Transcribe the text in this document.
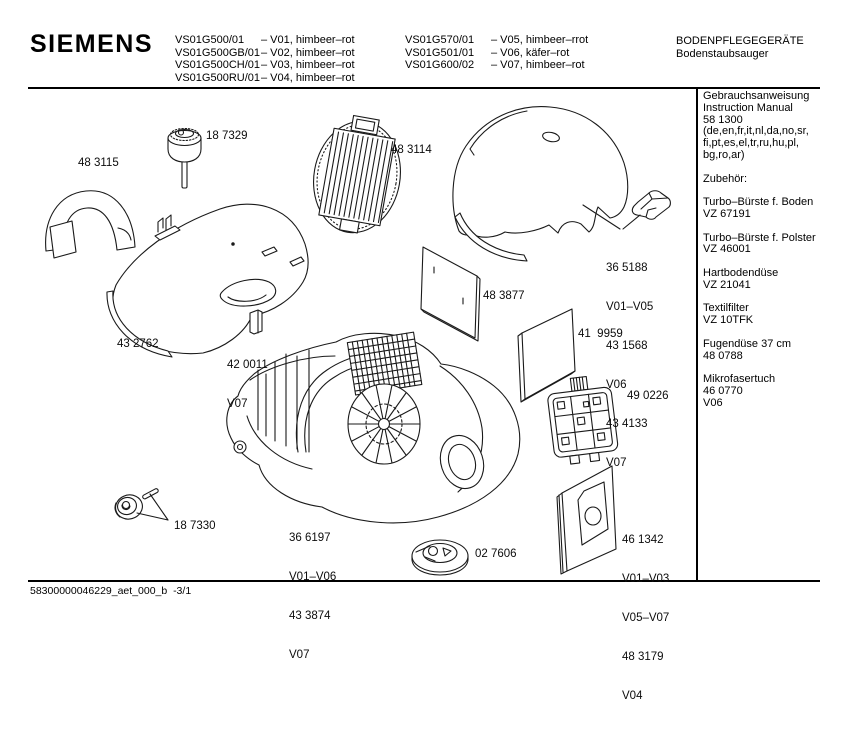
SIEMENS VS01G500/01	– V01, himbeer–rot
VS01G500GB/01 – V02, himbeer–rot
VS01G500CH/01 – V03, himbeer–rot
VS01G500RU/01 – V04, himbeer–rot
VS01G570/01	– V05, himbeer–rrot
VS01G501/01	– V06, käfer–rot
VS01G600/02	– V07, himbeer–rot
BODENPFLEGEGERÄTE
Bodenstaubsauger
Gebrauchsanweisung
Instruction Manual
58 1300
(de,en,fr,it,nl,da,no,sr,
fi,pt,es,el,tr,ru,hu,pl,
bg,ro,ar)
Zubehör:
Turbo–Bürste f. Boden
VZ 67191
Turbo–Bürste f. Polster
VZ 46001
Hartbodendüse
VZ 21041
Textilfilter
VZ 10TFK
Fugendüse 37 cm
48 0788
Mikrofasertuch
46 0770
V06
18 7329
48 3115
48 3114

36 5188

V01–V05

43 1568

V06

43 4133

V07

43 2762

42 0011

V07

48 3877
41  9959
49 0226
18 7330

36 6197

V01–V06

43 3874

V07

02 7606

46 1342

V01–V03

V05–V07

48 3179

V04

58300000046229_aet_000_b  -3/1
